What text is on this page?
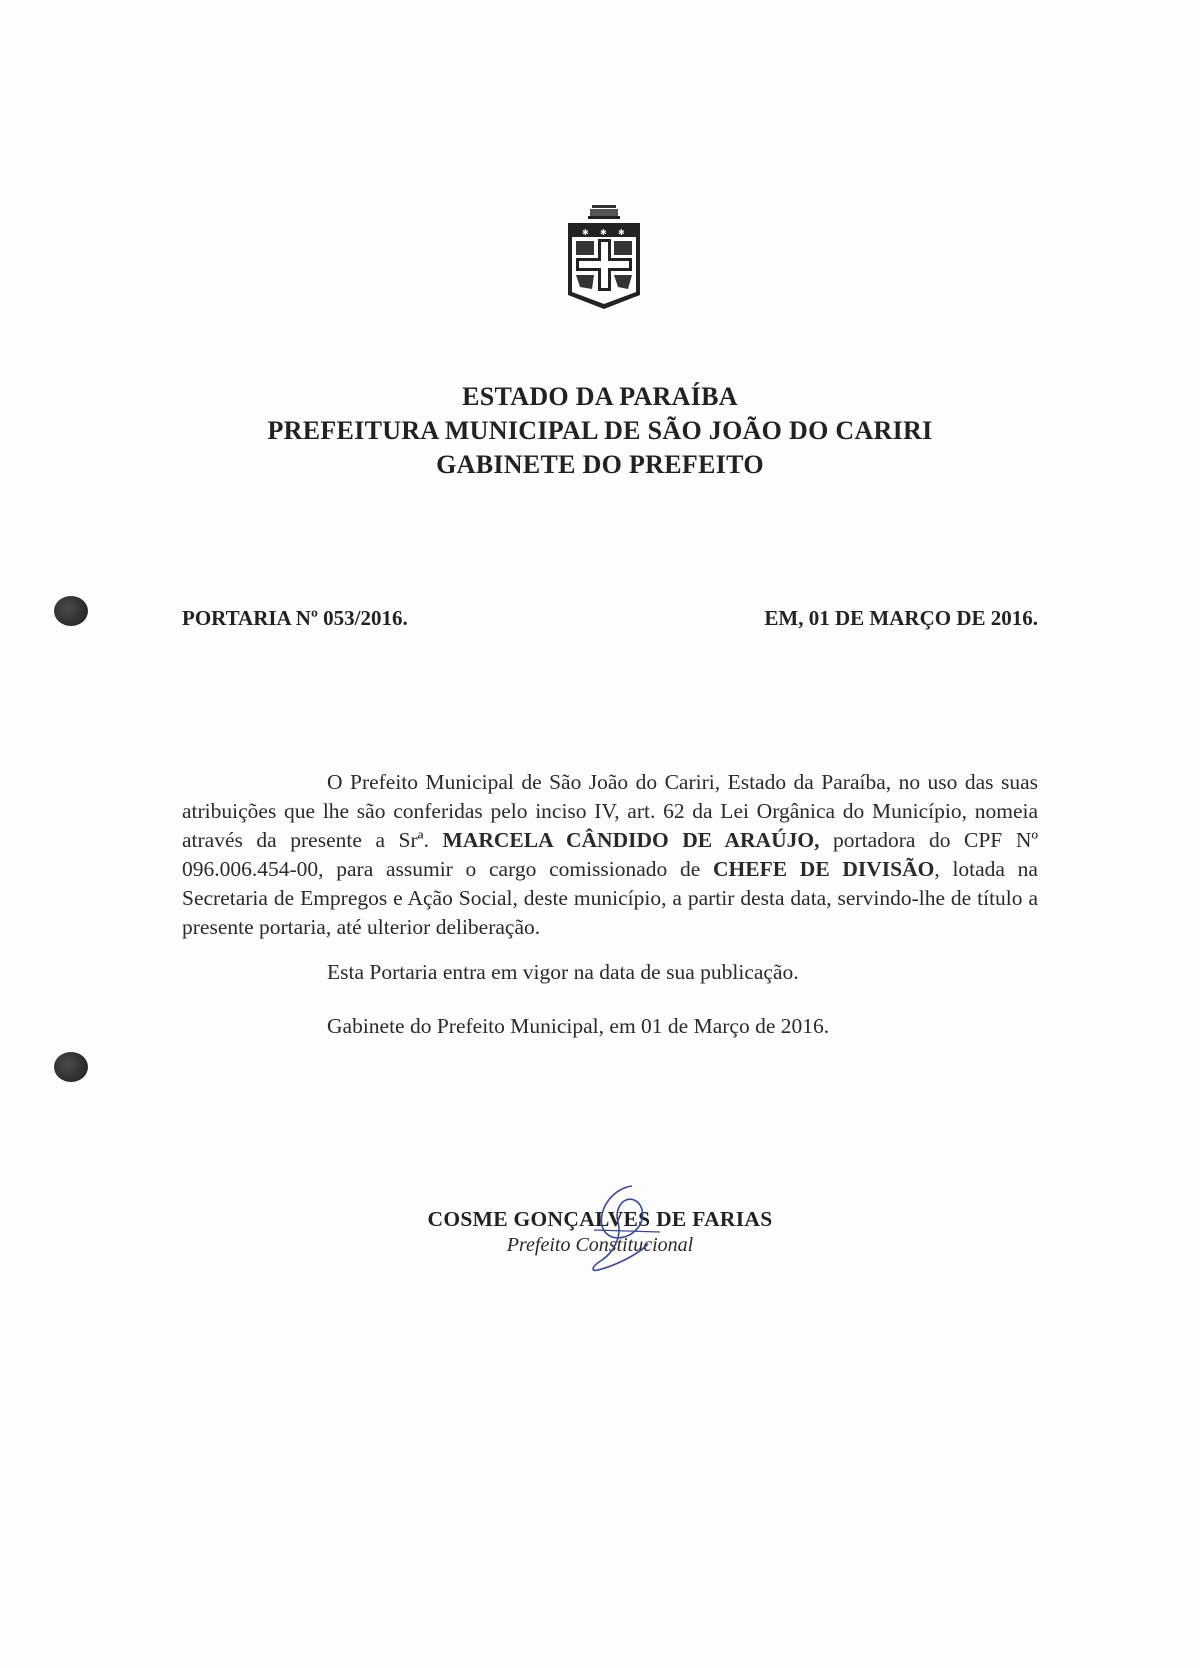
✱ ✱ ✱
ESTADO DA PARAÍBA
PREFEITURA MUNICIPAL DE SÃO JOÃO DO CARIRI
GABINETE DO PREFEITO
PORTARIA Nº 053/2016.	EM, 01 DE MARÇO DE 2016.

O Prefeito Municipal de São João do Cariri, Estado da Paraíba, no uso das suas atribuições que lhe são conferidas pelo inciso IV, art. 62 da Lei Orgânica do Município, nomeia através da presente a Srª. MARCELA CÂNDIDO DE ARAÚJO, portadora do CPF Nº 096.006.454-00, para assumir o cargo comissionado de CHEFE DE DIVISÃO, lotada na Secretaria de Empregos e Ação Social, deste município, a partir desta data, servindo-lhe de título a presente portaria, até ulterior deliberação.

Esta Portaria entra em vigor na data de sua publicação.
Gabinete do Prefeito Municipal, em 01 de Março de 2016.
COSME GONÇALVES DE FARIAS
Prefeito Constitucional
